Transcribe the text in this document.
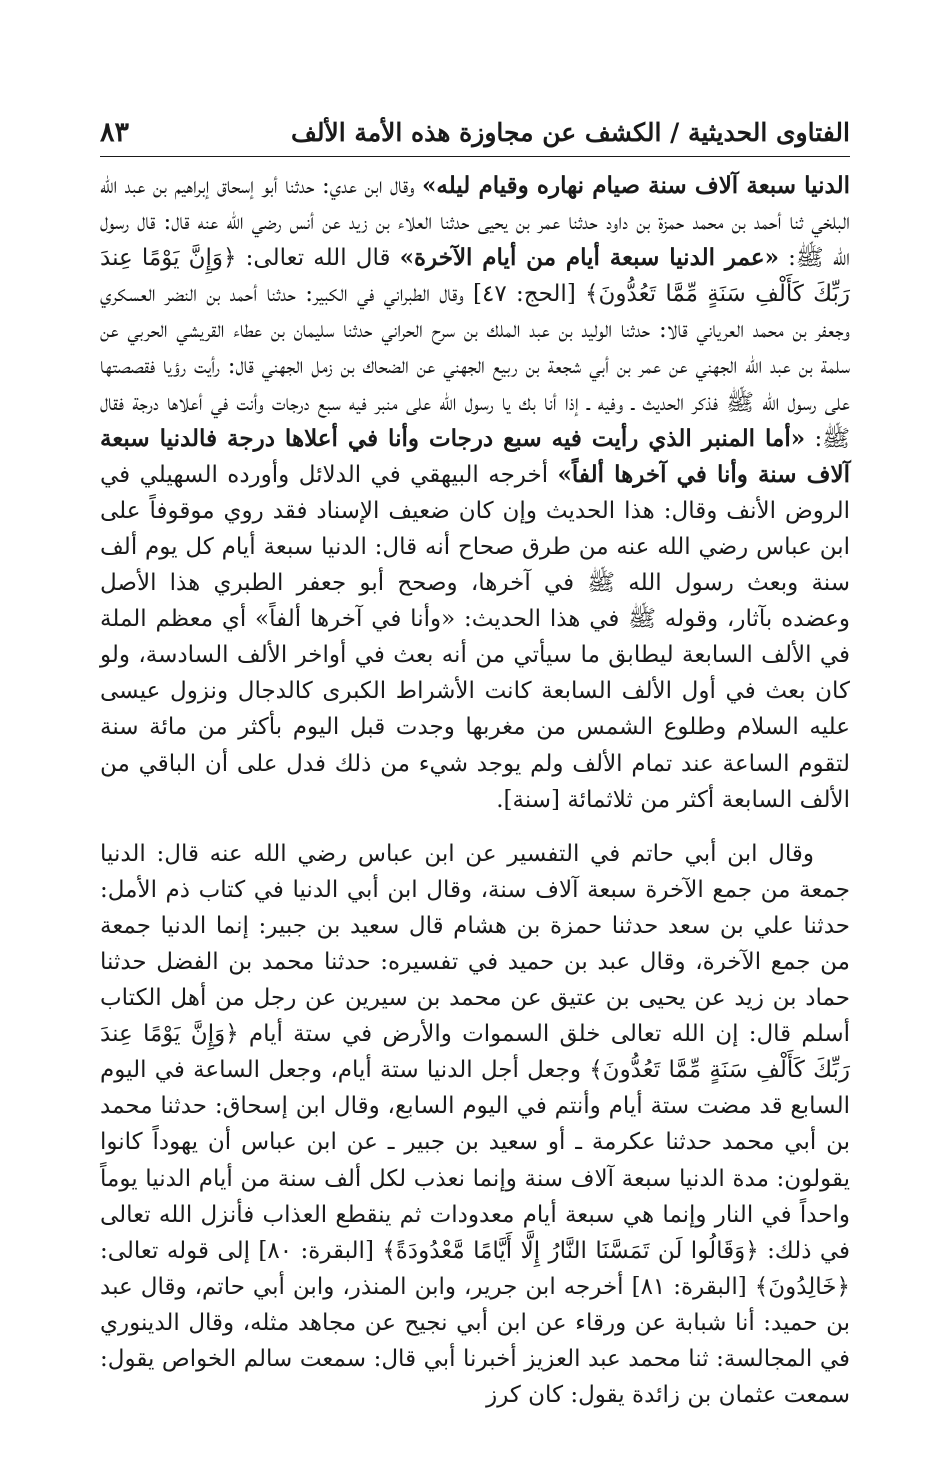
الفتاوى الحديثية / الكشف عن مجاوزة هذه الأمة الألف
٨٣

الدنيا سبعة آلاف سنة صيام نهاره وقيام ليله» وقال ابن عدي: حدثنا أبو إسحاق إبراهيم بن عبد الله البلخي ثنا أحمد بن محمد حمزة بن داود حدثنا عمر بن يحيى حدثنا العلاء بن زيد عن أنس رضي الله عنه قال: قال رسول الله ﷺ: «عمر الدنيا سبعة أيام من أيام الآخرة» قال الله تعالى: ﴿وَإِنَّ يَوْمًا عِندَ رَبِّكَ كَأَلْفِ سَنَةٍ مِّمَّا تَعُدُّونَ﴾ [الحج: ٤٧] وقال الطبراني في الكبير: حدثنا أحمد بن النضر العسكري وجعفر بن محمد العرياني قالا: حدثنا الوليد بن عبد الملك بن سرح الحراني حدثنا سليمان بن عطاء القريشي الحربي عن سلمة بن عبد الله الجهني عن عمر بن أبي شجعة بن ربيع الجهني عن الضحاك بن زمل الجهني قال: رأيت رؤيا فقصصتها على رسول الله ﷺ فذكر الحديث ـ وفيه ـ إذا أنا بك يا رسول الله على منبر فيه سبع درجات وأنت في أعلاها درجة فقال ﷺ: «أما المنبر الذي رأيت فيه سبع درجات وأنا في أعلاها درجة فالدنيا سبعة آلاف سنة وأنا في آخرها ألفاً» أخرجه البيهقي في الدلائل وأورده السهيلي في الروض الأنف وقال: هذا الحديث وإن كان ضعيف الإسناد فقد روي موقوفاً على ابن عباس رضي الله عنه من طرق صحاح أنه قال: الدنيا سبعة أيام كل يوم ألف سنة وبعث رسول الله ﷺ في آخرها، وصحح أبو جعفر الطبري هذا الأصل وعضده بآثار، وقوله ﷺ في هذا الحديث: «وأنا في آخرها ألفاً» أي معظم الملة في الألف السابعة ليطابق ما سيأتي من أنه بعث في أواخر الألف السادسة، ولو كان بعث في أول الألف السابعة كانت الأشراط الكبرى كالدجال ونزول عيسى عليه السلام وطلوع الشمس من مغربها وجدت قبل اليوم بأكثر من مائة سنة لتقوم الساعة عند تمام الألف ولم يوجد شيء من ذلك فدل على أن الباقي من الألف السابعة أكثر من ثلاثمائة [سنة].

وقال ابن أبي حاتم في التفسير عن ابن عباس رضي الله عنه قال: الدنيا جمعة من جمع الآخرة سبعة آلاف سنة، وقال ابن أبي الدنيا في كتاب ذم الأمل: حدثنا علي بن سعد حدثنا حمزة بن هشام قال سعيد بن جبير: إنما الدنيا جمعة من جمع الآخرة، وقال عبد بن حميد في تفسيره: حدثنا محمد بن الفضل حدثنا حماد بن زيد عن يحيى بن عتيق عن محمد بن سيرين عن رجل من أهل الكتاب أسلم قال: إن الله تعالى خلق السموات والأرض في ستة أيام ﴿وَإِنَّ يَوْمًا عِندَ رَبِّكَ كَأَلْفِ سَنَةٍ مِّمَّا تَعُدُّونَ﴾ وجعل أجل الدنيا ستة أيام، وجعل الساعة في اليوم السابع قد مضت ستة أيام وأنتم في اليوم السابع، وقال ابن إسحاق: حدثنا محمد بن أبي محمد حدثنا عكرمة ـ أو سعيد بن جبير ـ عن ابن عباس أن يهوداً كانوا يقولون: مدة الدنيا سبعة آلاف سنة وإنما نعذب لكل ألف سنة من أيام الدنيا يوماً واحداً في النار وإنما هي سبعة أيام معدودات ثم ينقطع العذاب فأنزل الله تعالى في ذلك: ﴿وَقَالُوا لَن تَمَسَّنَا النَّارُ إِلَّا أَيَّامًا مَّعْدُودَةً﴾ [البقرة: ٨٠] إلى قوله تعالى: ﴿خَالِدُونَ﴾ [البقرة: ٨١] أخرجه ابن جرير، وابن المنذر، وابن أبي حاتم، وقال عبد بن حميد: أنا شبابة عن ورقاء عن ابن أبي نجيح عن مجاهد مثله، وقال الدينوري في المجالسة: ثنا محمد عبد العزيز أخبرنا أبي قال: سمعت سالم الخواص يقول: سمعت عثمان بن زائدة يقول: كان كرز
